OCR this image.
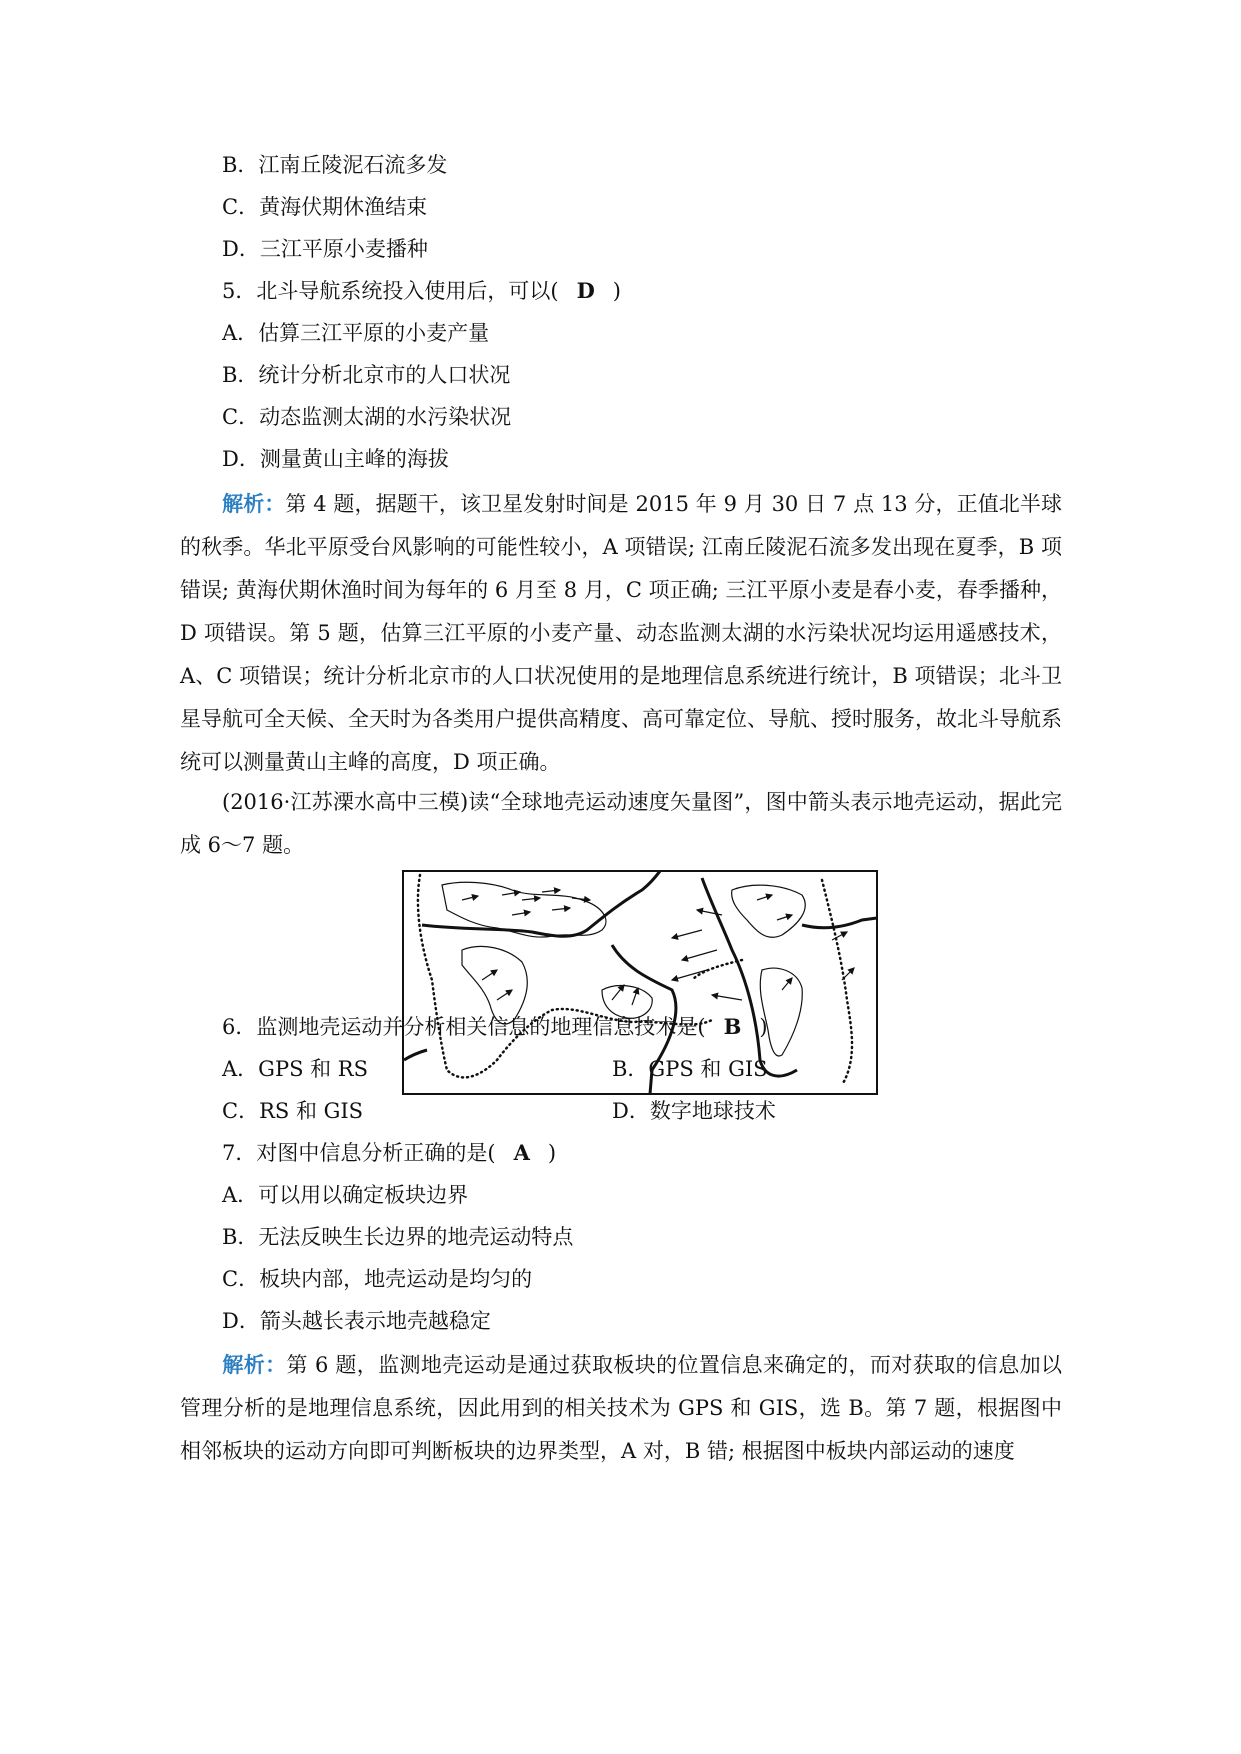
B．江南丘陵泥石流多发
C．黄海伏期休渔结束
D．三江平原小麦播种
5．北斗导航系统投入使用后，可以( D )
A．估算三江平原的小麦产量
B．统计分析北京市的人口状况
C．动态监测太湖的水污染状况
D．测量黄山主峰的海拔
解析：第 4 题，据题干，该卫星发射时间是 2015 年 9 月 30 日 7 点 13 分，正值北半球的秋季。华北平原受台风影响的可能性较小，A 项错误; 江南丘陵泥石流多发出现在夏季，B 项错误; 黄海伏期休渔时间为每年的 6 月至 8 月，C 项正确; 三江平原小麦是春小麦，春季播种，D 项错误。第 5 题，估算三江平原的小麦产量、动态监测太湖的水污染状况均运用遥感技术，A、C 项错误；统计分析北京市的人口状况使用的是地理信息系统进行统计，B 项错误；北斗卫星导航可全天候、全天时为各类用户提供高精度、高可靠定位、导航、授时服务，故北斗导航系统可以测量黄山主峰的高度，D 项正确。
(2016·江苏溧水高中三模)读“全球地壳运动速度矢量图”，图中箭头表示地壳运动，据此完成 6～7 题。
6．监测地壳运动并分析相关信息的地理信息技术是( B )
A．GPS 和 RS	B．GPS 和 GIS
C．RS 和 GIS	D．数字地球技术
7．对图中信息分析正确的是( A )
A．可以用以确定板块边界
B．无法反映生长边界的地壳运动特点
C．板块内部，地壳运动是均匀的
D．箭头越长表示地壳越稳定
解析：第 6 题，监测地壳运动是通过获取板块的位置信息来确定的，而对获取的信息加以管理分析的是地理信息系统，因此用到的相关技术为 GPS 和 GIS，选 B。第 7 题，根据图中相邻板块的运动方向即可判断板块的边界类型，A 对，B 错; 根据图中板块内部运动的速度
